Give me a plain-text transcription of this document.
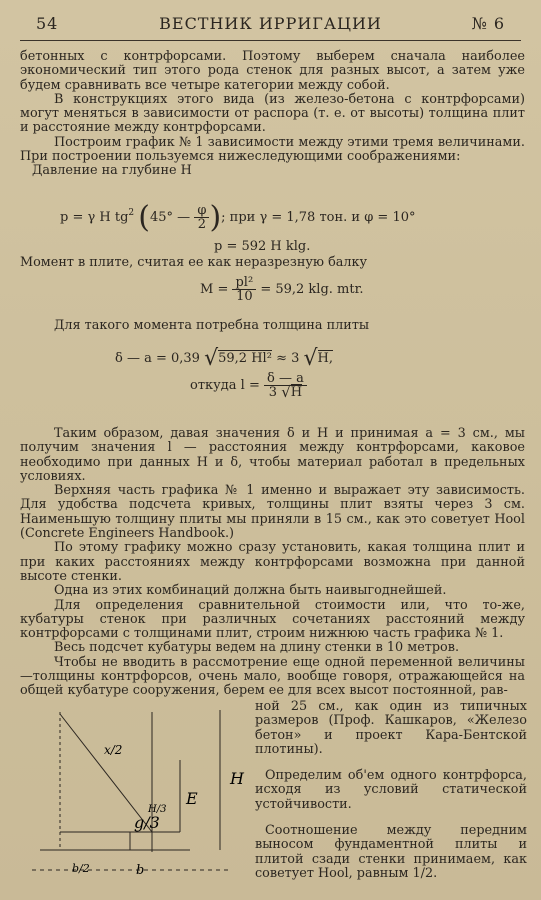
54	ВЕСТНИК ИРРИГАЦИИ	№ 6

бетонных с контрфорсами. Поэтому выберем сначала наиболее экономический тип этого рода стенок для разных высот, а затем уже будем сравнивать все четыре категории между собой.

В конструкциях этого вида (из железо-бетона с контрфорсами) могут меняться в зависимости от распора (т. е. от высоты) толщина плит и расстояние между контрфорсами.

Построим график № 1 зависимости между этими тремя величинами. При построении пользуемся нижеследующими соображениями:

Давление на глубине H

p = γ H $tg^2$ (45° — $\frac{\varphi}{2}$ ); при γ = 1,78 тон. и φ = 10°
p = 592 H klg.

Момент в плите, считая ее как неразрезную балку

$M = \frac{\text{pl²}}{10} = 59,2$ klg. mtr.

Для такого момента потребна толщина плиты

δ — a = 0,39 √59,2 Hl² ≈ 3 √H,
откуда $l = \frac{\delta — a}{3 √H}$

Таким образом, давая значения δ и H и принимая a = 3 см., мы получим значения l — расстояния между контрфорсами, каковое необходимо при данных H и δ, чтобы материал работал в предельных условиях.

Верхняя часть графика № 1 именно и выражает эту зависимость. Для удобства подсчета кривых, толщины плит взяты через 3 см. Наименьшую толщину плиты мы приняли в 15 см., как это советует Hool (Concrete Engineers Handbook.)

По этому графику можно сразу установить, какая толщина плит и при каких расстояниях между контрфорсами возможна при данной высоте стенки.

Одна из этих комбинаций должна быть наивыгоднейшей.

Для определения сравнительной стоимости или, что то-же, кубатуры стенок при различных сочетаниях расстояний между контрфорсами с толщинами плит, строим нижнюю часть графика № 1.

Весь подсчет кубатуры ведем на длину стенки в 10 метров.

Чтобы не вводить в рассмотрение еще одной переменной величины —толщины контрфорсов, очень мало, вообще говоря, отражающейся на общей кубатуре сооружения, берем ее для всех высот постоянной, рав-

ной 25 см., как один из типичных размеров (Проф. Кашкаров, «Железо бетон» и проект Кара-Бентской плотины).

Определим об'ем одного контрфорса, исходя из условий статической устойчивости.

Соотношение между передним выносом фундаментной плиты и плитой сзади стенки принимаем, как советует Hool, равным 1/2.

H
E
H/3
g/3
x/2
b/2	b
